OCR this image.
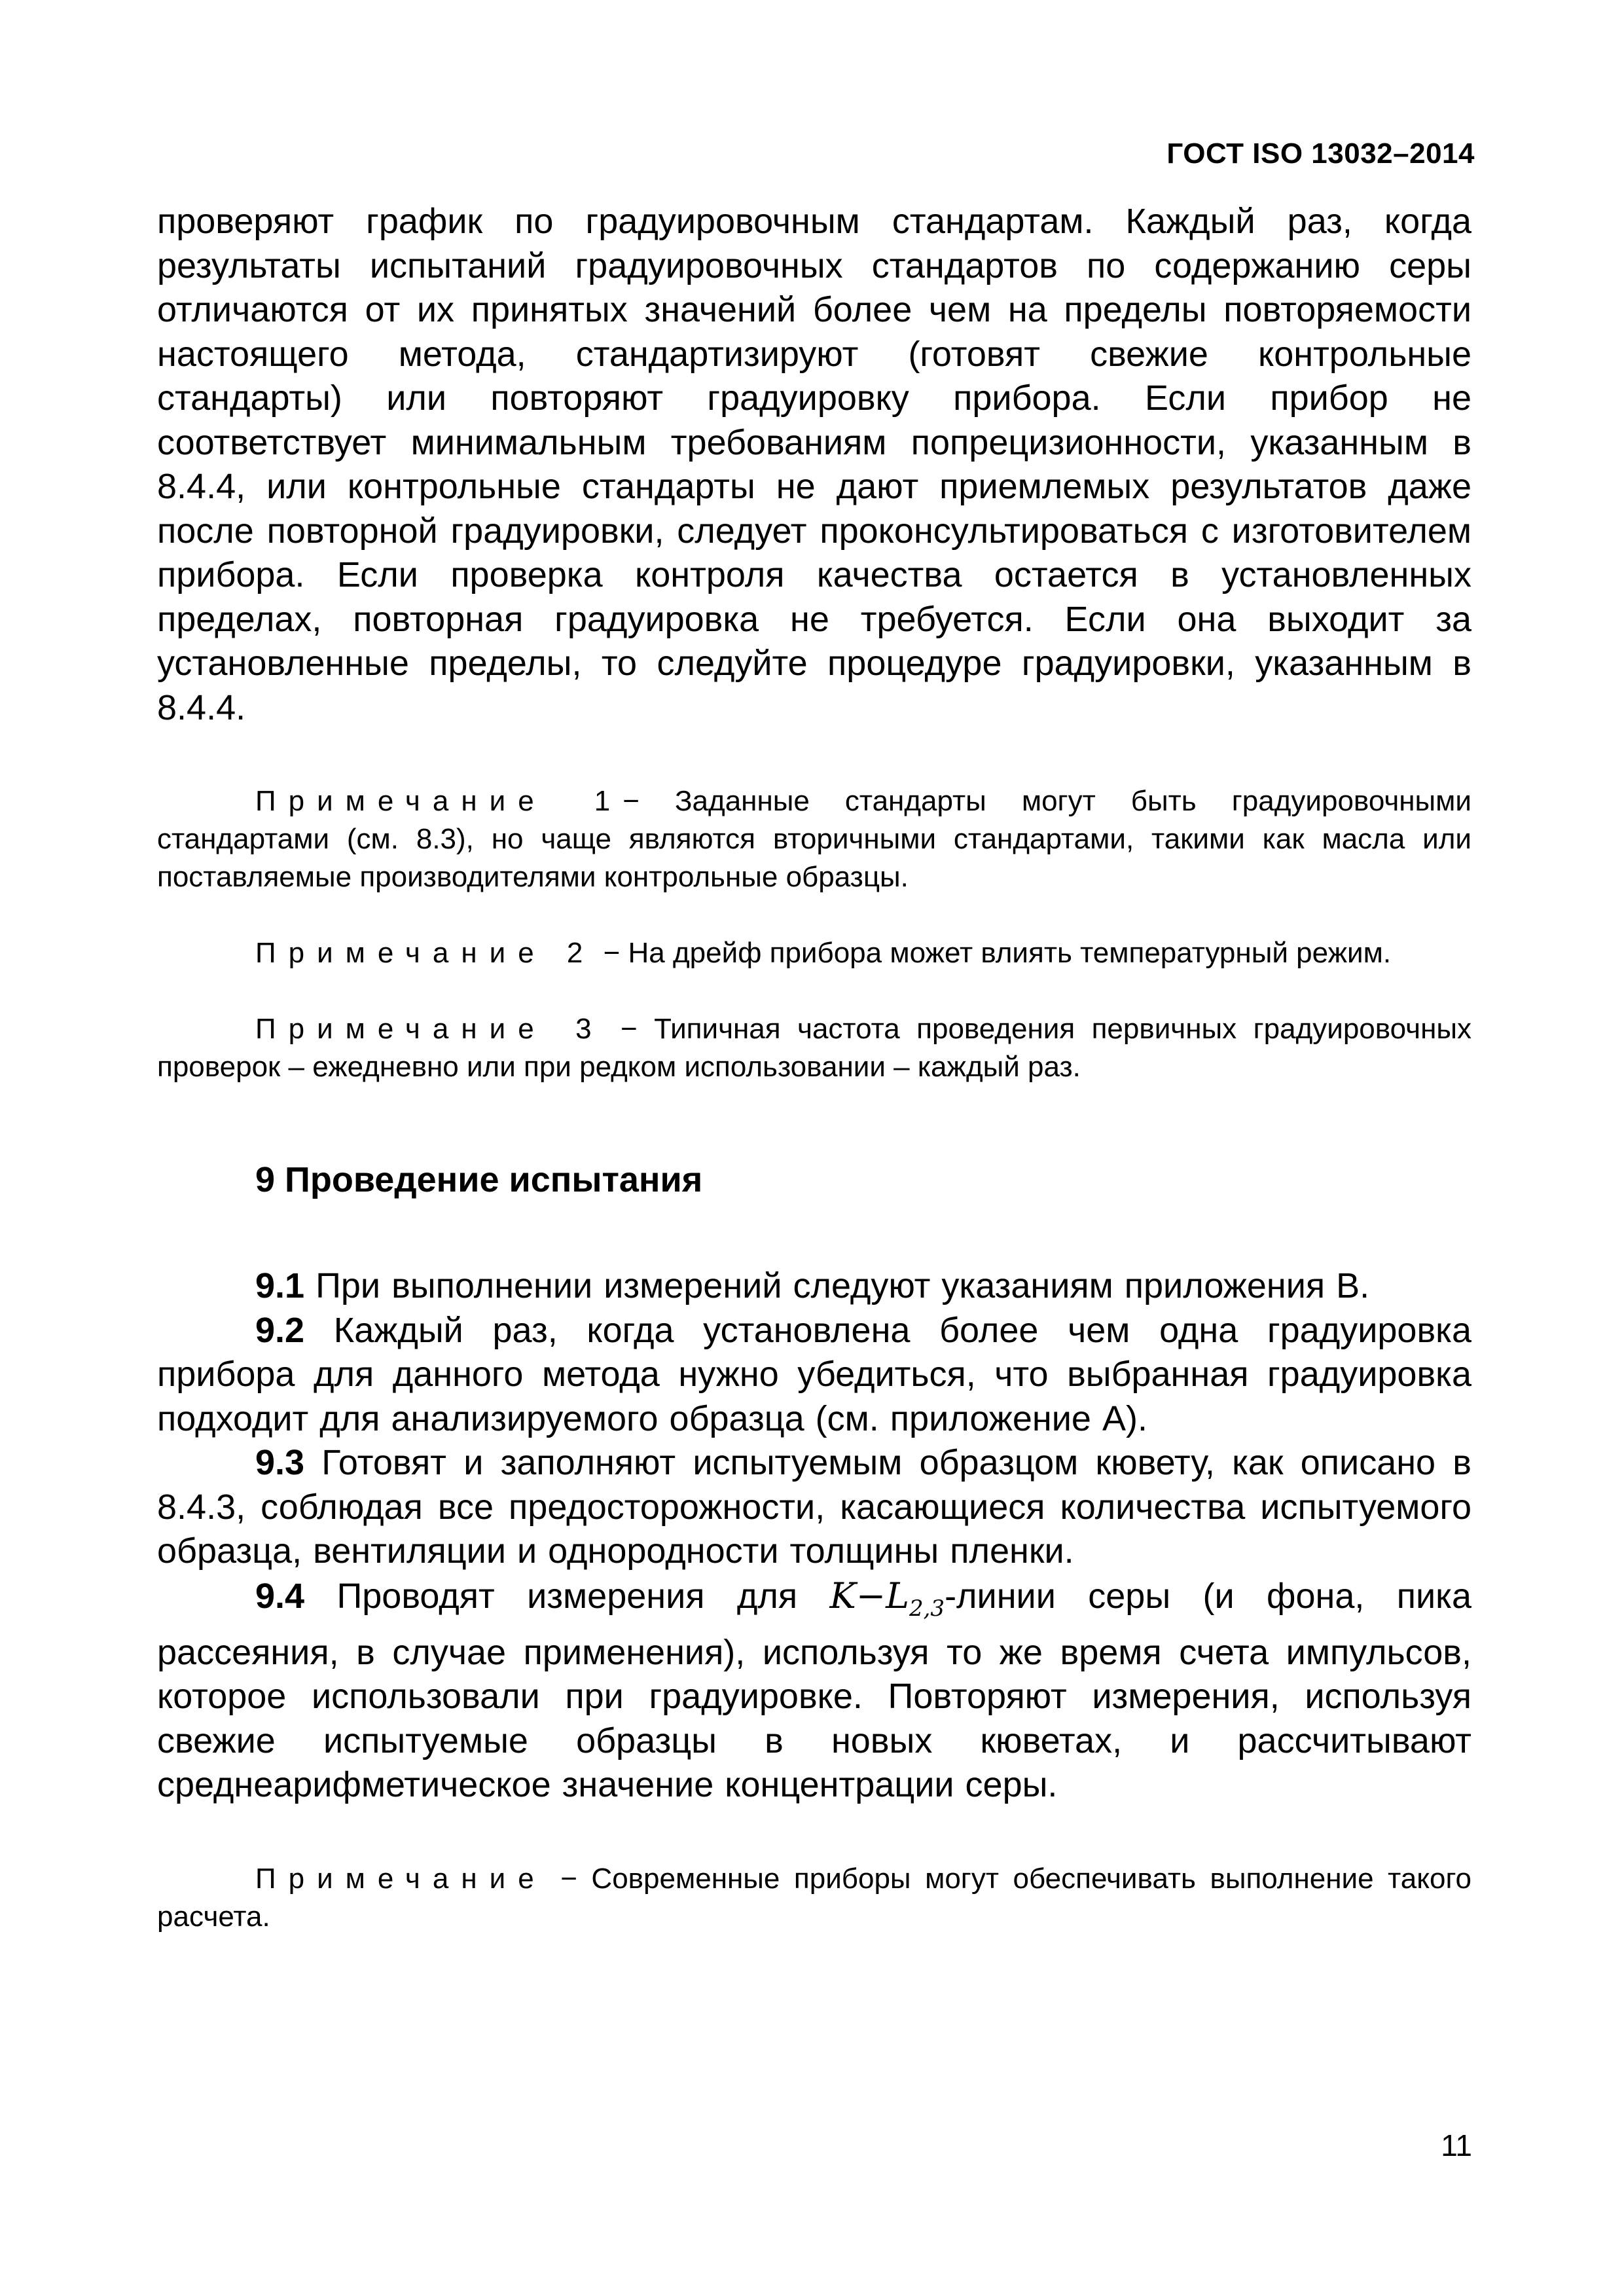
ГОСТ ISO 13032–2014

проверяют график по градуировочным стандартам. Каждый раз, когда результаты испытаний градуировочных стандартов по содержанию серы отличаются от их принятых значений более чем на пределы повторяемости настоящего метода, стандартизируют (готовят свежие контрольные стандарты) или повторяют градуировку прибора. Если прибор не соответствует минимальным требованиям попрецизионности, указанным в 8.4.4, или контрольные стандарты не дают приемлемых результатов даже после повторной градуировки, следует проконсультироваться с изготовителем прибора. Если проверка контроля качества остается в установленных пределах, повторная градуировка не требуется. Если она выходит за установленные пределы, то следуйте процедуре градуировки, указанным в 8.4.4.

Примечание 1− Заданные стандарты могут быть градуировочными стандартами (см. 8.3), но чаще являются вторичными стандартами, такими как масла или поставляемые производителями контрольные образцы.

Примечание 2 − На дрейф прибора может влиять температурный режим.

Примечание 3 − Типичная частота проведения первичных градуировочных проверок – ежедневно или при редком использовании – каждый раз.

9 Проведение испытания

9.1 При выполнении измерений следуют указаниям приложения В.

9.2 Каждый раз, когда установлена более чем одна градуировка прибора для данного метода нужно убедиться, что выбранная градуировка подходит для анализируемого образца (см. приложение А).

9.3 Готовят и заполняют испытуемым образцом кювету, как описано в 8.4.3, соблюдая все предосторожности, касающиеся количества испытуемого образца, вентиляции и однородности толщины пленки.

9.4 Проводят измерения для $K-L_{2,3}$-линии серы (и фона, пика рассеяния, в случае применения), используя то же время счета импульсов, которое использовали при градуировке. Повторяют измерения, используя свежие испытуемые образцы в новых кюветах, и рассчитывают среднеарифметическое значение концентрации серы.

Примечание − Современные приборы могут обеспечивать выполнение такого расчета.

11
